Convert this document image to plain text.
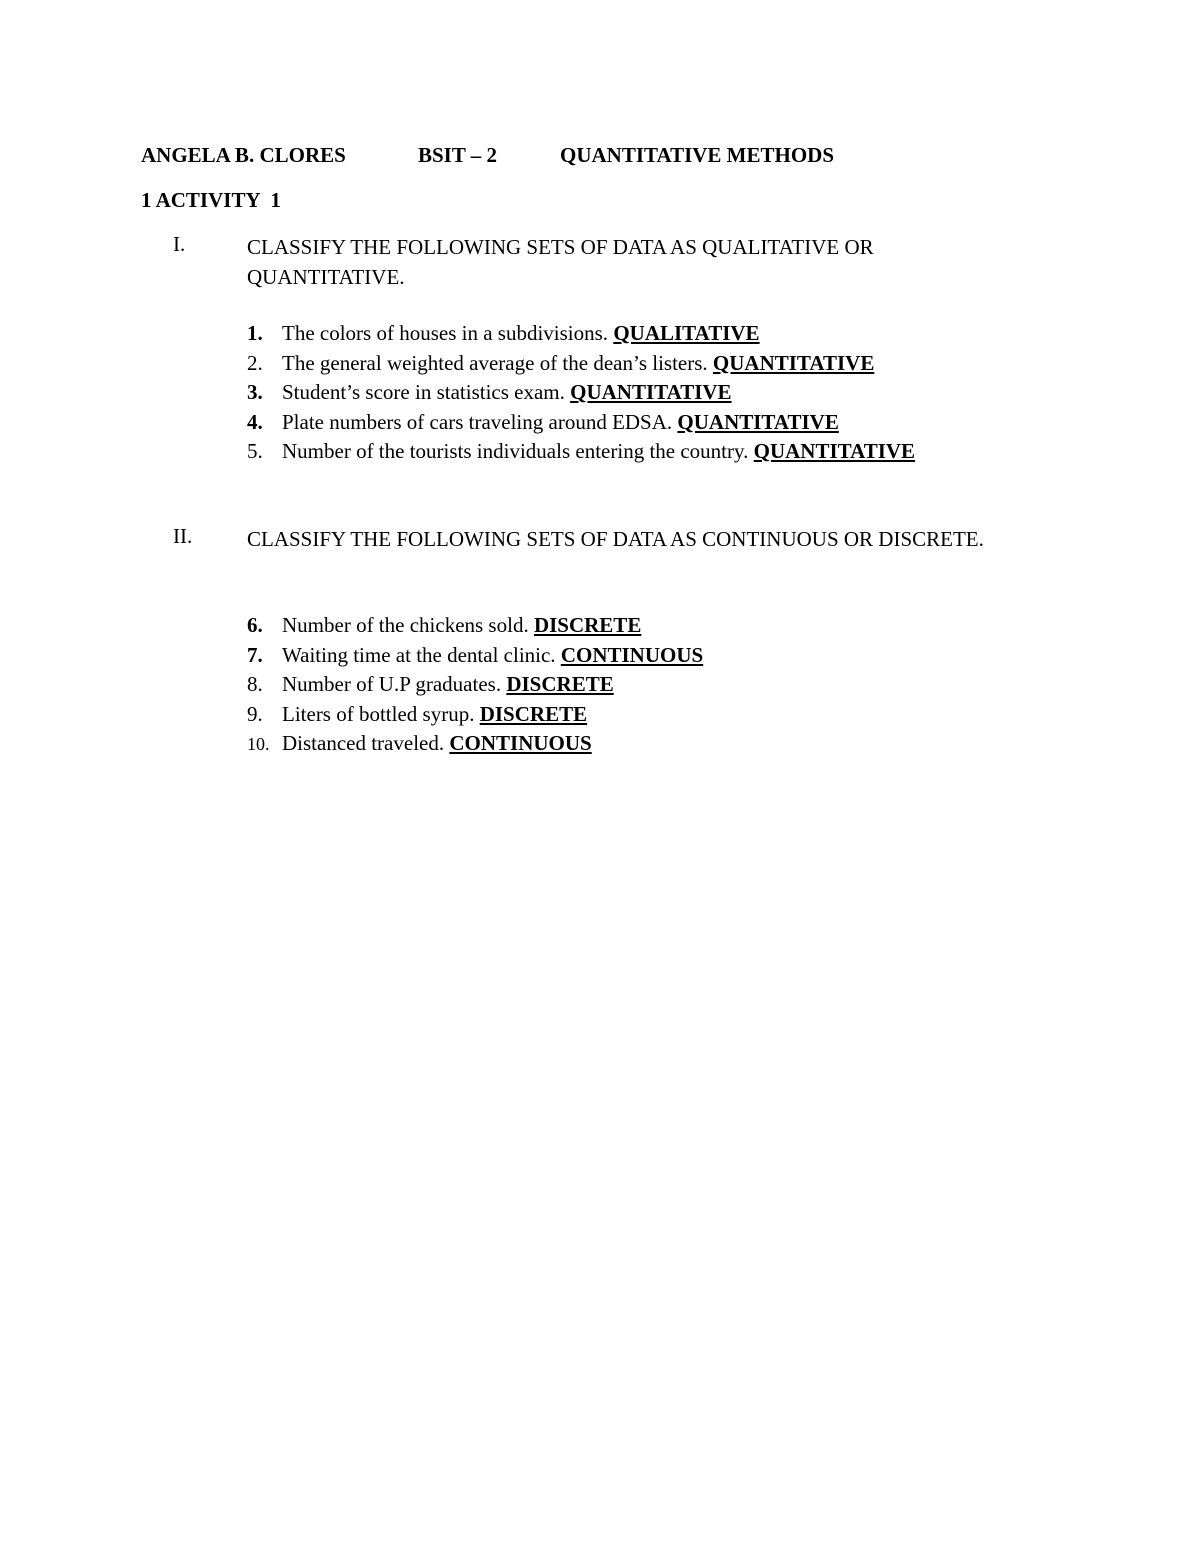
ANGELA B. CLORES	BSIT – 2	QUANTITATIVE METHODS
1 ACTIVITY  1
I.	CLASSIFY THE FOLLOWING SETS OF DATA AS QUALITATIVE OR QUANTITATIVE.
1. The colors of houses in a subdivisions. QUALITATIVE
2. The general weighted average of the dean’s listers. QUANTITATIVE
3. Student’s score in statistics exam. QUANTITATIVE
4. Plate numbers of cars traveling around EDSA. QUANTITATIVE
5. Number of the tourists individuals entering the country. QUANTITATIVE
II.	CLASSIFY THE FOLLOWING SETS OF DATA AS CONTINUOUS OR DISCRETE.
6. Number of the chickens sold. DISCRETE
7. Waiting time at the dental clinic. CONTINUOUS
8. Number of U.P graduates. DISCRETE
9. Liters of bottled syrup. DISCRETE
10. Distanced traveled. CONTINUOUS
